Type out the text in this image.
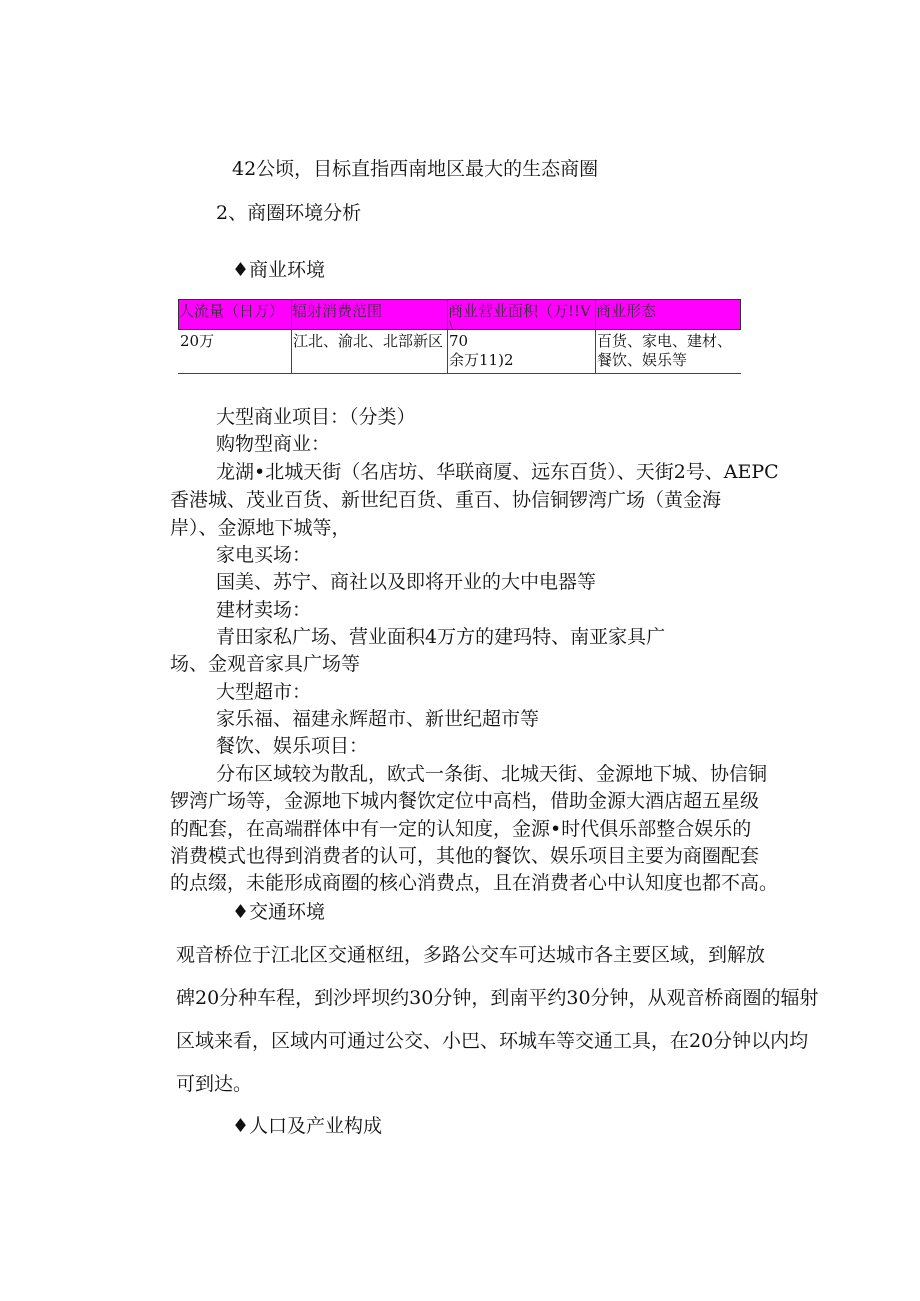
42公顷，目标直指西南地区最大的生态商圈
2、商圈环境分析
♦商业环境
人流量（日万） 辐射消费范围	商业营业面积（万!!V 商业形态
\
20万	江北、渝北、北部新区 70
余万11)2
百货、家电、建材、
餐饮、娱乐等
大型商业项目：（分类）
购物型商业：
龙湖•北城天街（名店坊、华联商厦、远东百货）、天街2号、AEPC
香港城、茂业百货、新世纪百货、重百、协信铜锣湾广场（黄金海
岸）、金源地下城等，
家电买场：
国美、苏宁、商社以及即将开业的大中电器等
建材卖场：
青田家私广场、营业面积4万方的建玛特、南亚家具广
场、金观音家具广场等
大型超市：
家乐福、福建永辉超市、新世纪超市等
餐饮、娱乐项目：
分布区域较为散乱，欧式一条街、北城天街、金源地下城、协信铜
锣湾广场等，金源地下城内餐饮定位中高档，借助金源大酒店超五星级
的配套，在高端群体中有一定的认知度，金源•时代俱乐部整合娱乐的
消费模式也得到消费者的认可，其他的餐饮、娱乐项目主要为商圈配套
的点缀，未能形成商圈的核心消费点，且在消费者心中认知度也都不高。
♦交通环境
观音桥位于江北区交通枢纽，多路公交车可达城市各主要区域，到解放
碑20分种车程，到沙坪坝约30分钟，到南平约30分钟，从观音桥商圈的辐射
区域来看，区域内可通过公交、小巴、环城车等交通工具，在20分钟以内均
可到达。
♦人口及产业构成
